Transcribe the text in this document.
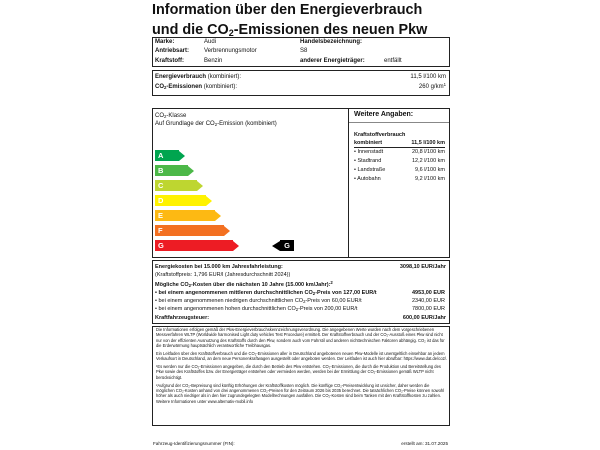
Information über den Energieverbrauch
und die $CO_2$-Emissionen des neuen Pkw
Marke:	Audi	Handelsbezeichnung:
Antriebsart: Verbrennungsmotor	S8
Kraftstoff:	Benzin	anderer Energieträger:	entfällt
Energieverbrauch (kombiniert):	11,5 l/100 km
$CO_2$-Emissionen (kombiniert):	260 $g/km^1$
$CO_2$-Klasse
Auf Grundlage der $CO_2$-Emission (kombiniert)
A
B
C
D
E
F
G	G
Weitere Angaben:
Kraftstoffverbrauch
kombiniert	11,5 l/100 km
• Innenstadt	20,8 l/100 km
• Stadtrand	12,2 l/100 km
• Landstraße	9,6 l/100 km
• Autobahn	9,2 l/100 km
Energiekosten bei 15.000 km Jahresfahrleistung:	3098,10 EUR/Jahr
(Kraftstoffpreis: 1,796 EUR/l (Jahresdurchschnitt 2024))
Mögliche $CO_2$-Kosten über die nächsten 10 Jahre (15.000 km/Jahr):$^2$
• bei einem angenommenen mittleren durchschnittlichen $CO_2$-Preis von 127,00 EUR/t	4953,00 EUR
• bei einem angenommenen niedrigen durchschnittlichen $CO_2$-Preis von 60,00 EUR/t	2340,00 EUR
• bei einem angenommenen hohen durchschnittlichen $CO_2$-Preis von 200,00 EUR/t	7800,00 EUR
Kraftfahrzeugsteuer:	600,00 EUR/Jahr

Die Informationen erfolgen gemäß der Pkw-Energieverbrauchskennzeichnungsverordnung. Die angegebenen Werte wurden nach dem vorgeschriebenen Messverfahren WLTP (Worldwide harmonised Light duty vehicles Test Procedure) ermittelt. Der Kraftstoffverbrauch und der CO₂-Ausstoß eines Pkw sind nicht nur von der effizienten Ausnutzung des Kraftstoffs durch den Pkw, sondern auch vom Fahrstil und anderen nichttechnischen Faktoren abhängig. CO₂ ist das für die Erderwärmung hauptsächlich verantwortliche Treibhausgas.

Ein Leitfaden über den Kraftstoffverbrauch und die CO₂-Emissionen aller in Deutschland angebotenen neuen Pkw-Modelle ist unentgeltlich einsehbar an jedem Verkaufsort in Deutschland, an dem neue Personenkraftwagen ausgestellt oder angeboten werden. Der Leitfaden ist auch hier abrufbar: https://www.dat.de/co2/.

¹Es werden nur die CO₂-Emissionen angegeben, die durch den Betrieb des Pkw entstehen. CO₂-Emissionen, die durch die Produktion und Bereitstellung des Pkw sowie des Kraftstoffes bzw. der Energieträger entstehen oder vermieden werden, werden bei der Ermittlung der CO₂-Emissionen gemäß WLTP nicht berücksichtigt.

²Aufgrund der CO₂-Bepreisung sind künftig Erhöhungen der Kraftstoffkosten möglich. Die künftige CO₂-Preisentwicklung ist unsicher, daher werden die möglichen CO₂-Kosten anhand von drei angenommenen CO₂-Preisen für den Zeitraum 2026 bis 2035 berechnet. Die tatsächlichen CO₂-Preise können sowohl höher als auch niedriger als in den hier zugrundegelegten Modellrechnungen ausfallen. Die CO₂-Kosten sind beim Tanken mit den Kraftstoffkosten zu zahlen. Weitere Informationen unter www.alternativ-mobil.info

Fahrzeug-Identifizierungsnummer (FIN):	erstellt am: 31.07.2025
